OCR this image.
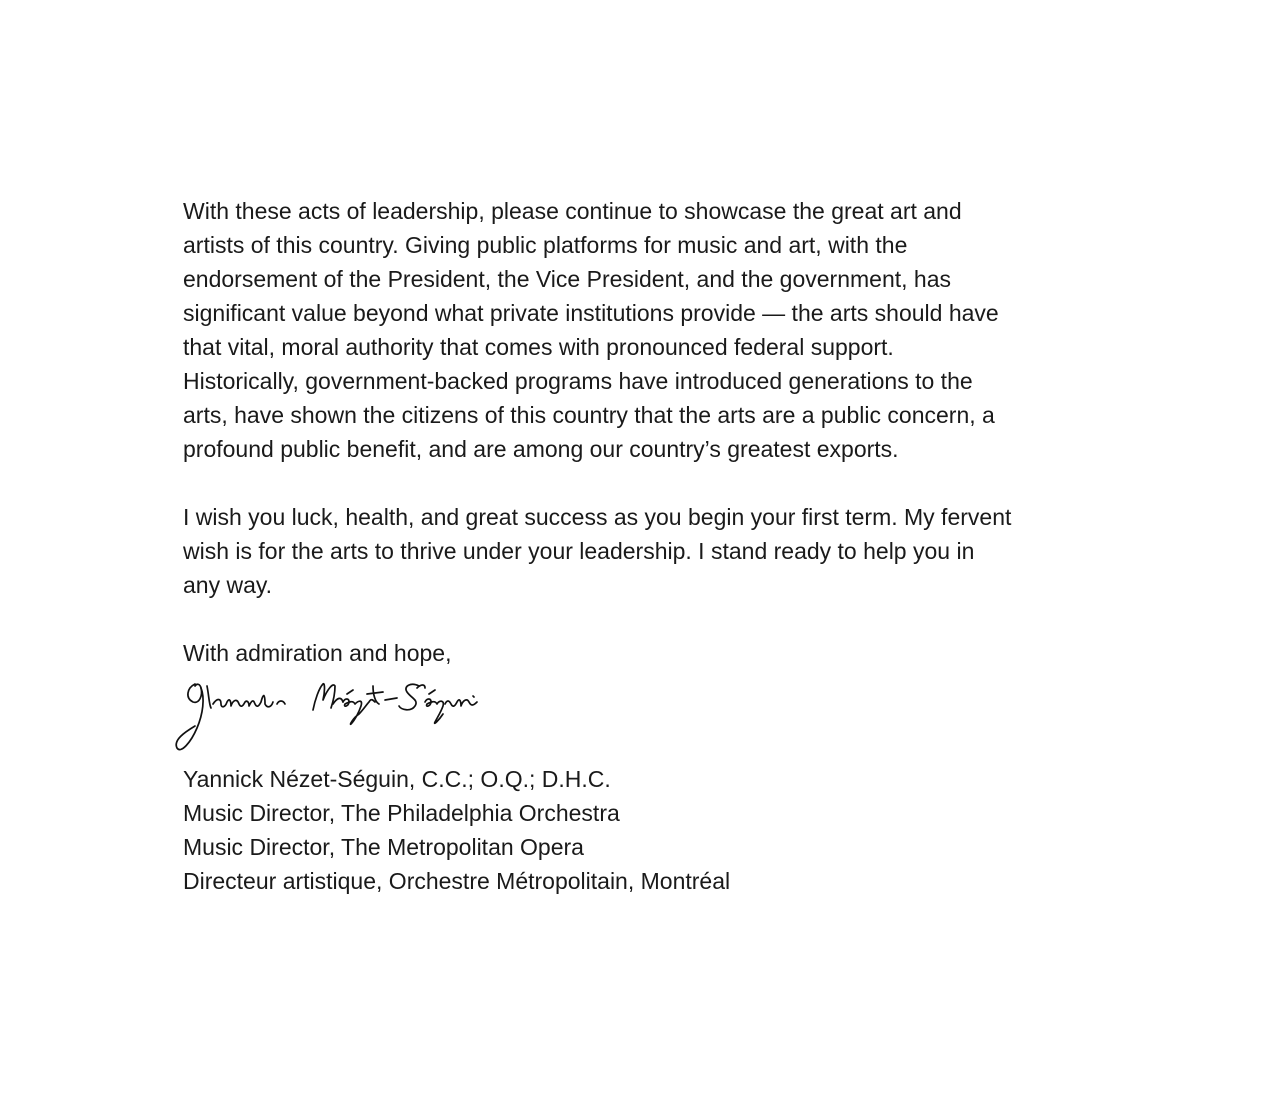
With these acts of leadership, please continue to showcase the great art and
artists of this country. Giving public platforms for music and art, with the
endorsement of the President, the Vice President, and the government, has
significant value beyond what private institutions provide — the arts should have
that vital, moral authority that comes with pronounced federal support.
Historically, government-backed programs have introduced generations to the
arts, have shown the citizens of this country that the arts are a public concern, a
profound public benefit, and are among our country’s greatest exports.

I wish you luck, health, and great success as you begin your first term. My fervent
wish is for the arts to thrive under your leadership. I stand ready to help you in
any way.

With admiration and hope,

Yannick Nézet-Séguin, C.C.; O.Q.; D.H.C.
Music Director, The Philadelphia Orchestra
Music Director, The Metropolitan Opera
Directeur artistique, Orchestre Métropolitain, Montréal
